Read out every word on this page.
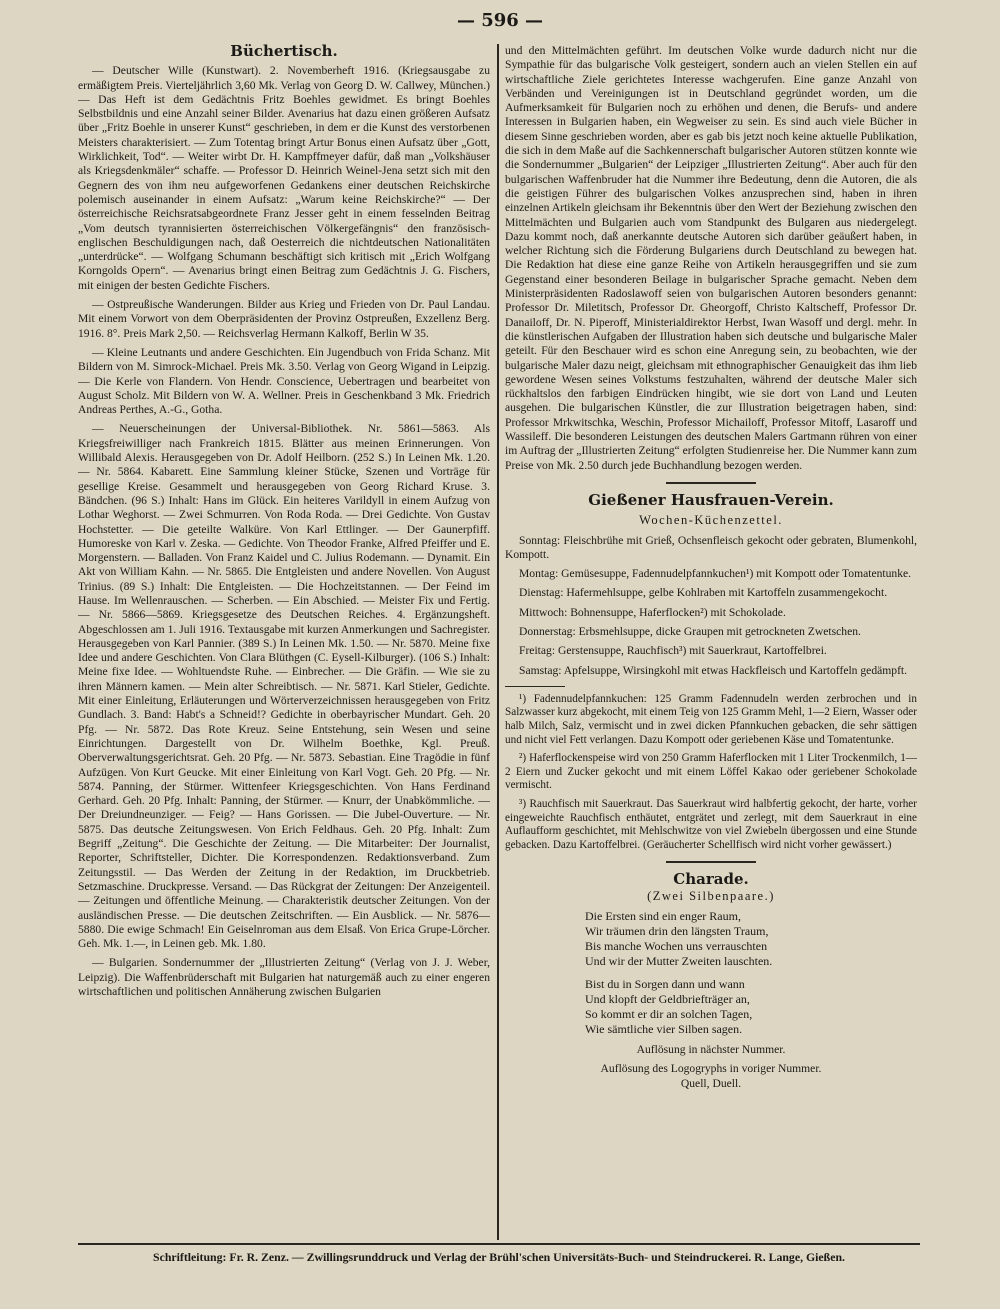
— 596 —
Büchertisch.

— Deutscher Wille (Kunstwart). 2. Novemberheft 1916. (Kriegsausgabe zu ermäßigtem Preis. Vierteljährlich 3,60 Mk. Verlag von Georg D. W. Callwey, München.) — Das Heft ist dem Gedächtnis Fritz Boehles gewidmet. Es bringt Boehles Selbstbildnis und eine Anzahl seiner Bilder. Avenarius hat dazu einen größeren Aufsatz über „Fritz Boehle in unserer Kunst“ geschrieben, in dem er die Kunst des verstorbenen Meisters charakterisiert. — Zum Totentag bringt Artur Bonus einen Aufsatz über „Gott, Wirklichkeit, Tod“. — Weiter wirbt Dr. H. Kampffmeyer dafür, daß man „Volkshäuser als Kriegsdenkmäler“ schaffe. — Professor D. Heinrich Weinel-Jena setzt sich mit den Gegnern des von ihm neu aufgeworfenen Gedankens einer deutschen Reichskirche polemisch auseinander in einem Aufsatz: „Warum keine Reichskirche?“ — Der österreichische Reichsratsabgeordnete Franz Jesser geht in einem fesselnden Beitrag „Vom deutsch tyrannisierten österreichischen Völkergefängnis“ den französisch-englischen Beschuldigungen nach, daß Oesterreich die nichtdeutschen Nationalitäten „unterdrücke“. — Wolfgang Schumann beschäftigt sich kritisch mit „Erich Wolfgang Korngolds Opern“. — Avenarius bringt einen Beitrag zum Gedächtnis J. G. Fischers, mit einigen der besten Gedichte Fischers.

— Ostpreußische Wanderungen. Bilder aus Krieg und Frieden von Dr. Paul Landau. Mit einem Vorwort von dem Oberpräsidenten der Provinz Ostpreußen, Exzellenz Berg. 1916. 8°. Preis Mark 2,50. — Reichsverlag Hermann Kalkoff, Berlin W 35.

— Kleine Leutnants und andere Geschichten. Ein Jugendbuch von Frida Schanz. Mit Bildern von M. Simrock-Michael. Preis Mk. 3.50. Verlag von Georg Wigand in Leipzig. — Die Kerle von Flandern. Von Hendr. Conscience, Uebertragen und bearbeitet von August Scholz. Mit Bildern von W. A. Wellner. Preis in Geschenkband 3 Mk. Friedrich Andreas Perthes, A.-G., Gotha.

— Neuerscheinungen der Universal-Bibliothek. Nr. 5861—5863. Als Kriegsfreiwilliger nach Frankreich 1815. Blätter aus meinen Erinnerungen. Von Willibald Alexis. Herausgegeben von Dr. Adolf Heilborn. (252 S.) In Leinen Mk. 1.20. — Nr. 5864. Kabarett. Eine Sammlung kleiner Stücke, Szenen und Vorträge für gesellige Kreise. Gesammelt und herausgegeben von Georg Richard Kruse. 3. Bändchen. (96 S.) Inhalt: Hans im Glück. Ein heiteres Varildyll in einem Aufzug von Lothar Weghorst. — Zwei Schmurren. Von Roda Roda. — Drei Gedichte. Von Gustav Hochstetter. — Die geteilte Walküre. Von Karl Ettlinger. — Der Gaunerpfiff. Humoreske von Karl v. Zeska. — Gedichte. Von Theodor Franke, Alfred Pfeiffer und E. Morgenstern. — Balladen. Von Franz Kaidel und C. Julius Rodemann. — Dynamit. Ein Akt von William Kahn. — Nr. 5865. Die Entgleisten und andere Novellen. Von August Trinius. (89 S.) Inhalt: Die Entgleisten. — Die Hochzeitstannen. — Der Feind im Hause. Im Wellenrauschen. — Scherben. — Ein Abschied. — Meister Fix und Fertig. — Nr. 5866—5869. Kriegsgesetze des Deutschen Reiches. 4. Ergänzungsheft. Abgeschlossen am 1. Juli 1916. Textausgabe mit kurzen Anmerkungen und Sachregister. Herausgegeben von Karl Pannier. (389 S.) In Leinen Mk. 1.50. — Nr. 5870. Meine fixe Idee und andere Geschichten. Von Clara Blüthgen (C. Eysell-Kilburger). (106 S.) Inhalt: Meine fixe Idee. — Wohltuendste Ruhe. — Einbrecher. — Die Gräfin. — Wie sie zu ihren Männern kamen. — Mein alter Schreibtisch. — Nr. 5871. Karl Stieler, Gedichte. Mit einer Einleitung, Erläuterungen und Wörterverzeichnissen herausgegeben von Fritz Gundlach. 3. Band: Habt's a Schneid!? Gedichte in oberbayrischer Mundart. Geh. 20 Pfg. — Nr. 5872. Das Rote Kreuz. Seine Entstehung, sein Wesen und seine Einrichtungen. Dargestellt von Dr. Wilhelm Boethke, Kgl. Preuß. Oberverwaltungsgerichtsrat. Geh. 20 Pfg. — Nr. 5873. Sebastian. Eine Tragödie in fünf Aufzügen. Von Kurt Geucke. Mit einer Einleitung von Karl Vogt. Geh. 20 Pfg. — Nr. 5874. Panning, der Stürmer. Wittenfeer Kriegsgeschichten. Von Hans Ferdinand Gerhard. Geh. 20 Pfg. Inhalt: Panning, der Stürmer. — Knurr, der Unabkömmliche. — Der Dreiundneunziger. — Feig? — Hans Gorissen. — Die Jubel-Ouverture. — Nr. 5875. Das deutsche Zeitungswesen. Von Erich Feldhaus. Geh. 20 Pfg. Inhalt: Zum Begriff „Zeitung“. Die Geschichte der Zeitung. — Die Mitarbeiter: Der Journalist, Reporter, Schriftsteller, Dichter. Die Korrespondenzen. Redaktionsverband. Zum Zeitungsstil. — Das Werden der Zeitung in der Redaktion, im Druckbetrieb. Setzmaschine. Druckpresse. Versand. — Das Rückgrat der Zeitungen: Der Anzeigenteil. — Zeitungen und öffentliche Meinung. — Charakteristik deutscher Zeitungen. Von der ausländischen Presse. — Die deutschen Zeitschriften. — Ein Ausblick. — Nr. 5876—5880. Die ewige Schmach! Ein Geiselnroman aus dem Elsaß. Von Erica Grupe-Lörcher. Geh. Mk. 1.—, in Leinen geb. Mk. 1.80.

— Bulgarien. Sondernummer der „Illustrierten Zeitung“ (Verlag von J. J. Weber, Leipzig). Die Waffenbrüderschaft mit Bulgarien hat naturgemäß auch zu einer engeren wirtschaftlichen und politischen Annäherung zwischen Bulgarien

und den Mittelmächten geführt. Im deutschen Volke wurde dadurch nicht nur die Sympathie für das bulgarische Volk gesteigert, sondern auch an vielen Stellen ein auf wirtschaftliche Ziele gerichtetes Interesse wachgerufen. Eine ganze Anzahl von Verbänden und Vereinigungen ist in Deutschland gegründet worden, um die Aufmerksamkeit für Bulgarien noch zu erhöhen und denen, die Berufs- und andere Interessen in Bulgarien haben, ein Wegweiser zu sein. Es sind auch viele Bücher in diesem Sinne geschrieben worden, aber es gab bis jetzt noch keine aktuelle Publikation, die sich in dem Maße auf die Sachkennerschaft bulgarischer Autoren stützen konnte wie die Sondernummer „Bulgarien“ der Leipziger „Illustrierten Zeitung“. Aber auch für den bulgarischen Waffenbruder hat die Nummer ihre Bedeutung, denn die Autoren, die als die geistigen Führer des bulgarischen Volkes anzusprechen sind, haben in ihren einzelnen Artikeln gleichsam ihr Bekenntnis über den Wert der Beziehung zwischen den Mittelmächten und Bulgarien auch vom Standpunkt des Bulgaren aus niedergelegt. Dazu kommt noch, daß anerkannte deutsche Autoren sich darüber geäußert haben, in welcher Richtung sich die Förderung Bulgariens durch Deutschland zu bewegen hat. Die Redaktion hat diese eine ganze Reihe von Artikeln herausgegriffen und sie zum Gegenstand einer besonderen Beilage in bulgarischer Sprache gemacht. Neben dem Ministerpräsidenten Radoslawoff seien von bulgarischen Autoren besonders genannt: Professor Dr. Miletitsch, Professor Dr. Gheorgoff, Christo Kaltscheff, Professor Dr. Danailoff, Dr. N. Piperoff, Ministerialdirektor Herbst, Iwan Wasoff und dergl. mehr. In die künstlerischen Aufgaben der Illustration haben sich deutsche und bulgarische Maler geteilt. Für den Beschauer wird es schon eine Anregung sein, zu beobachten, wie der bulgarische Maler dazu neigt, gleichsam mit ethnographischer Genauigkeit das ihm lieb gewordene Wesen seines Volkstums festzuhalten, während der deutsche Maler sich rückhaltslos den farbigen Eindrücken hingibt, wie sie dort von Land und Leuten ausgehen. Die bulgarischen Künstler, die zur Illustration beigetragen haben, sind: Professor Mrkwitschka, Weschin, Professor Michailoff, Professor Mitoff, Lasaroff und Wassileff. Die besonderen Leistungen des deutschen Malers Gartmann rühren von einer im Auftrag der „Illustrierten Zeitung“ erfolgten Studienreise her. Die Nummer kann zum Preise von Mk. 2.50 durch jede Buchhandlung bezogen werden.

Gießener Hausfrauen-Verein.
Wochen-Küchenzettel.

Sonntag: Fleischbrühe mit Grieß, Ochsenfleisch gekocht oder gebraten, Blumenkohl, Kompott.

Montag: Gemüsesuppe, Fadennudelpfannkuchen¹) mit Kompott oder Tomatentunke.

Dienstag: Hafermehlsuppe, gelbe Kohlraben mit Kartoffeln zusammengekocht.

Mittwoch: Bohnensuppe, Haferflocken²) mit Schokolade.

Donnerstag: Erbsmehlsuppe, dicke Graupen mit getrockneten Zwetschen.

Freitag: Gerstensuppe, Rauchfisch³) mit Sauerkraut, Kartoffelbrei.

Samstag: Apfelsuppe, Wirsingkohl mit etwas Hackfleisch und Kartoffeln gedämpft.

¹) Fadennudelpfannkuchen: 125 Gramm Fadennudeln werden zerbrochen und in Salzwasser kurz abgekocht, mit einem Teig von 125 Gramm Mehl, 1—2 Eiern, Wasser oder halb Milch, Salz, vermischt und in zwei dicken Pfannkuchen gebacken, die sehr sättigen und nicht viel Fett verlangen. Dazu Kompott oder geriebenen Käse und Tomatentunke.

²) Haferflockenspeise wird von 250 Gramm Haferflocken mit 1 Liter Trockenmilch, 1—2 Eiern und Zucker gekocht und mit einem Löffel Kakao oder geriebener Schokolade vermischt.

³) Rauchfisch mit Sauerkraut. Das Sauerkraut wird halbfertig gekocht, der harte, vorher eingeweichte Rauchfisch enthäutet, entgrätet und zerlegt, mit dem Sauerkraut in eine Auflaufform geschichtet, mit Mehlschwitze von viel Zwiebeln übergossen und eine Stunde gebacken. Dazu Kartoffelbrei. (Geräucherter Schellfisch wird nicht vorher gewässert.)

Charade.
(Zwei Silbenpaare.)
Die Ersten sind ein enger Raum,
Wir träumen drin den längsten Traum,
Bis manche Wochen uns verrauschten
Und wir der Mutter Zweiten lauschten.
Bist du in Sorgen dann und wann
Und klopft der Geldbriefträger an,
So kommt er dir an solchen Tagen,
Wie sämtliche vier Silben sagen.

Auflösung in nächster Nummer.

Auflösung des Logogryphs in voriger Nummer.

Quell, Duell.

Schriftleitung: Fr. R. Zenz. — Zwillingsrunddruck und Verlag der Brühl'schen Universitäts-Buch- und Steindruckerei. R. Lange, Gießen.
